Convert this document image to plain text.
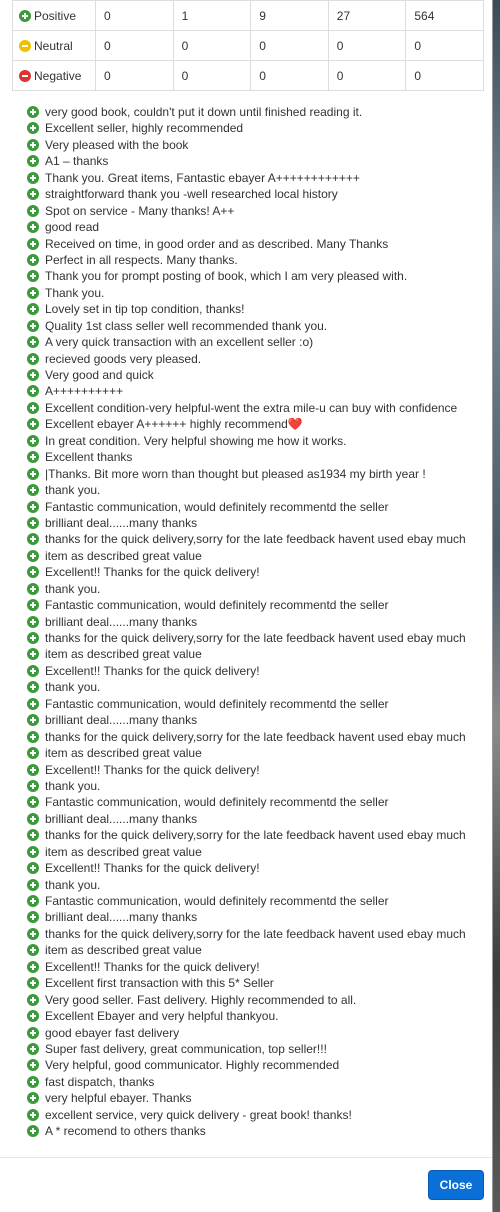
Positive	0	1	9	27	564
Neutral	0	0	0	0	0
Negative	0	0	0	0	0
very good book, couldn't put it down until finished reading it.
Excellent seller, highly recommended
Very pleased with the book
A1 – thanks
Thank you. Great items, Fantastic ebayer A++++++++++++
straightforward thank you -well researched local history
Spot on service - Many thanks! A++
good read
Received on time, in good order and as described. Many Thanks
Perfect in all respects. Many thanks.
Thank you for prompt posting of book, which I am very pleased with.
Thank you.
Lovely set in tip top condition, thanks!
Quality 1st class seller well recommended thank you.
A very quick transaction with an excellent seller :o)
recieved goods very pleased.
Very good and quick
A++++++++++
Excellent condition-very helpful-went the extra mile-u can buy with confidence
Excellent ebayer A++++++ highly recommend❤️
In great condition. Very helpful showing me how it works.
Excellent thanks
|Thanks. Bit more worn than thought but pleased as1934 my birth year !
thank you.
Fantastic communication, would definitely recommentd the seller
brilliant deal......many thanks
thanks for the quick delivery,sorry for the late feedback havent used ebay much
item as described great value
Excellent!! Thanks for the quick delivery!
thank you.
Fantastic communication, would definitely recommentd the seller
brilliant deal......many thanks
thanks for the quick delivery,sorry for the late feedback havent used ebay much
item as described great value
Excellent!! Thanks for the quick delivery!
thank you.
Fantastic communication, would definitely recommentd the seller
brilliant deal......many thanks
thanks for the quick delivery,sorry for the late feedback havent used ebay much
item as described great value
Excellent!! Thanks for the quick delivery!
thank you.
Fantastic communication, would definitely recommentd the seller
brilliant deal......many thanks
thanks for the quick delivery,sorry for the late feedback havent used ebay much
item as described great value
Excellent!! Thanks for the quick delivery!
thank you.
Fantastic communication, would definitely recommentd the seller
brilliant deal......many thanks
thanks for the quick delivery,sorry for the late feedback havent used ebay much
item as described great value
Excellent!! Thanks for the quick delivery!
Excellent first transaction with this 5* Seller
Very good seller. Fast delivery. Highly recommended to all.
Excellent Ebayer and very helpful thankyou.
good ebayer fast delivery
Super fast delivery, great communication, top seller!!!
Very helpful, good communicator. Highly recommended
fast dispatch, thanks
very helpful ebayer. Thanks
excellent service, very quick delivery - great book! thanks!
A * recomend to others thanks
Close
